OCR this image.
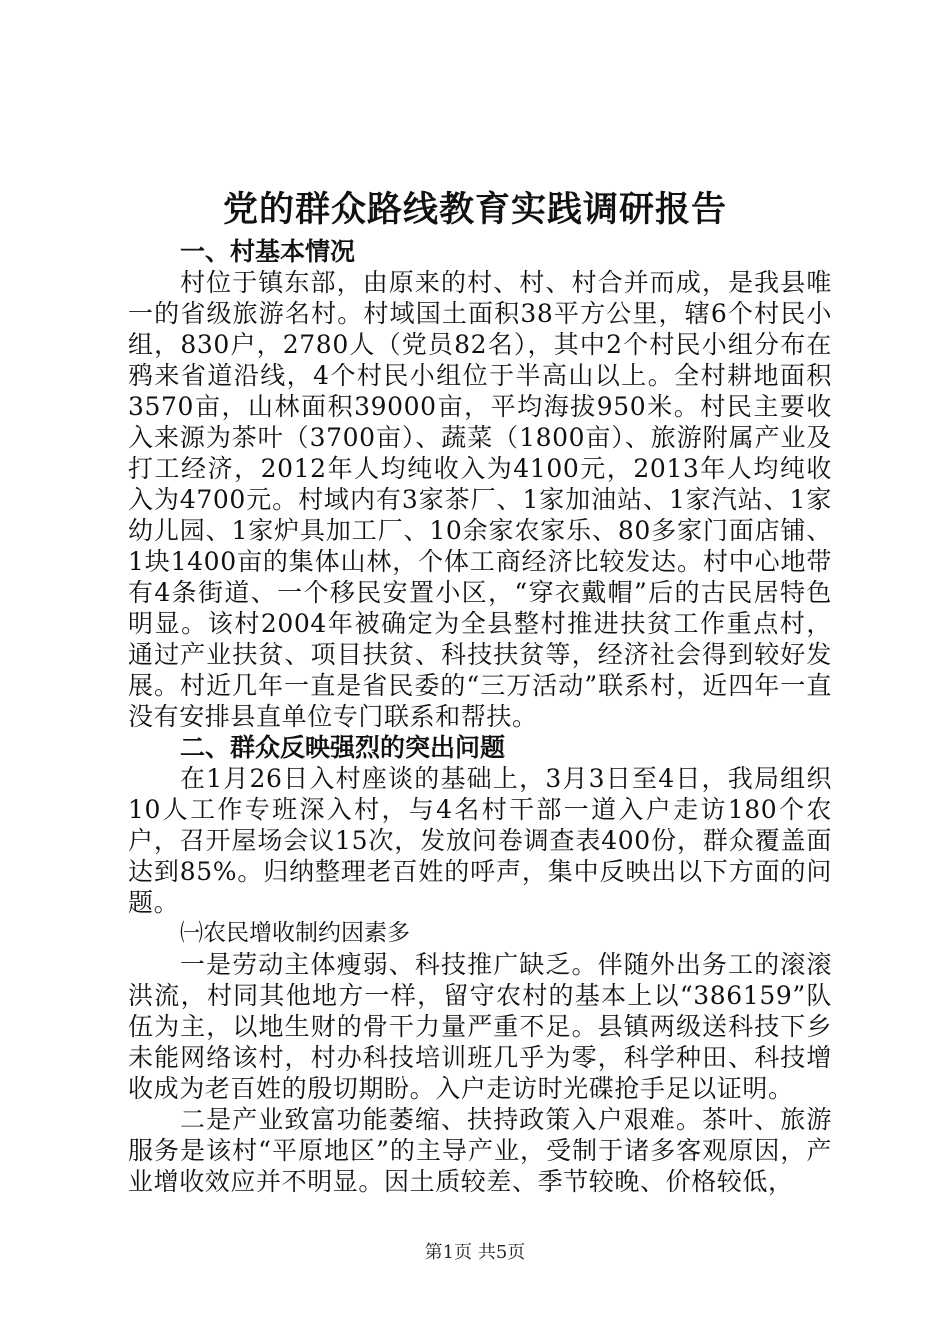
党的群众路线教育实践调研报告

一、村基本情况

村位于镇东部，由原来的村、村、村合并而成，是我县唯一的省级旅游名村。村域国土面积38平方公里，辖6个村民小组，830户，2780人（党员82名），其中2个村民小组分布在鸦来省道沿线，4个村民小组位于半高山以上。全村耕地面积3570亩，山林面积39000亩，平均海拔950米。村民主要收入来源为茶叶（3700亩）、蔬菜（1800亩）、旅游附属产业及打工经济，2012年人均纯收入为4100元，2013年人均纯收入为4700元。村域内有3家茶厂、1家加油站、1家汽站、1家幼儿园、1家炉具加工厂、10余家农家乐、80多家门面店铺、1块1400亩的集体山林，个体工商经济比较发达。村中心地带有4条街道、一个移民安置小区，“穿衣戴帽”后的古民居特色明显。该村2004年被确定为全县整村推进扶贫工作重点村，通过产业扶贫、项目扶贫、科技扶贫等，经济社会得到较好发展。村近几年一直是省民委的“三万活动”联系村，近四年一直没有安排县直单位专门联系和帮扶。

二、群众反映强烈的突出问题

在1月26日入村座谈的基础上，3月3日至4日，我局组织10人工作专班深入村，与4名村干部一道入户走访180个农户，召开屋场会议15次，发放问卷调查表400份，群众覆盖面达到85%。归纳整理老百姓的呼声，集中反映出以下方面的问题。

㈠农民增收制约因素多

一是劳动主体瘦弱、科技推广缺乏。伴随外出务工的滚滚洪流，村同其他地方一样，留守农村的基本上以“386159”队伍为主，以地生财的骨干力量严重不足。县镇两级送科技下乡未能网络该村，村办科技培训班几乎为零，科学种田、科技增收成为老百姓的殷切期盼。入户走访时光碟抢手足以证明。

二是产业致富功能萎缩、扶持政策入户艰难。茶叶、旅游服务是该村“平原地区”的主导产业，受制于诸多客观原因，产业增收效应并不明显。因土质较差、季节较晚、价格较低，

第1页 共5页
